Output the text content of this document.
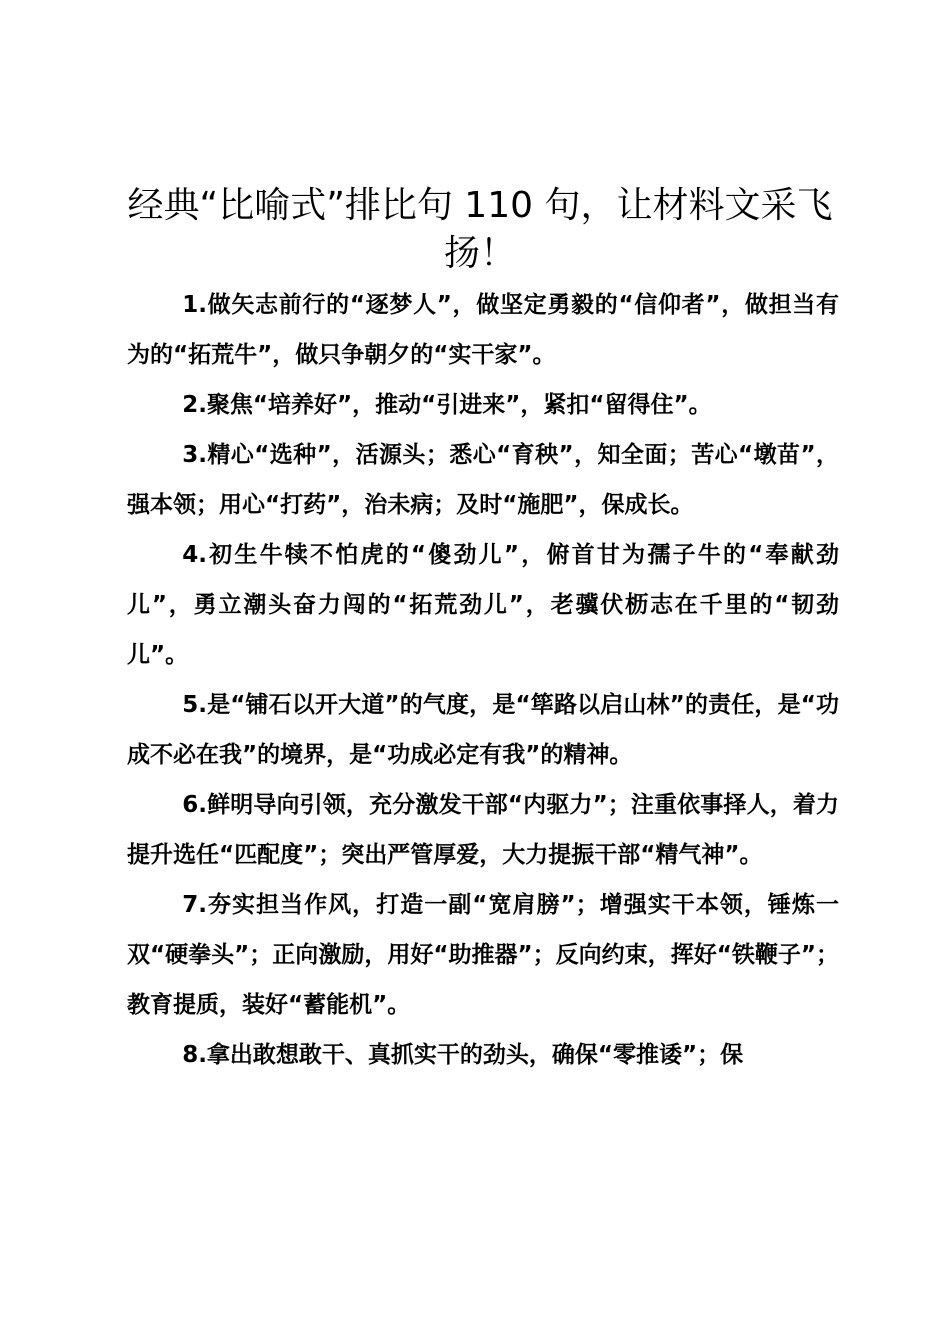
经典“比喻式”排比句 110 句，让材料文采飞扬！

1.做矢志前行的“逐梦人”，做坚定勇毅的“信仰者”，做担当有为的“拓荒牛”，做只争朝夕的“实干家”。

2.聚焦“培养好”，推动“引进来”，紧扣“留得住”。

3.精心“选种”，活源头；悉心“育秧”，知全面；苦心“墩苗”，强本领；用心“打药”，治未病；及时“施肥”，保成长。

4.初生牛犊不怕虎的“傻劲儿”，俯首甘为孺子牛的“奉献劲儿”，勇立潮头奋力闯的“拓荒劲儿”，老骥伏枥志在千里的“韧劲儿”。

5.是“铺石以开大道”的气度，是“筚路以启山林”的责任，是“功成不必在我”的境界，是“功成必定有我”的精神。

6.鲜明导向引领，充分激发干部“内驱力”；注重依事择人，着力提升选任“匹配度”；突出严管厚爱，大力提振干部“精气神”。

7.夯实担当作风，打造一副“宽肩膀”；增强实干本领，锤炼一双“硬拳头”；正向激励，用好“助推器”；反向约束，挥好“铁鞭子”；教育提质，装好“蓄能机”。

8.拿出敢想敢干、真抓实干的劲头，确保“零推诿”；保
